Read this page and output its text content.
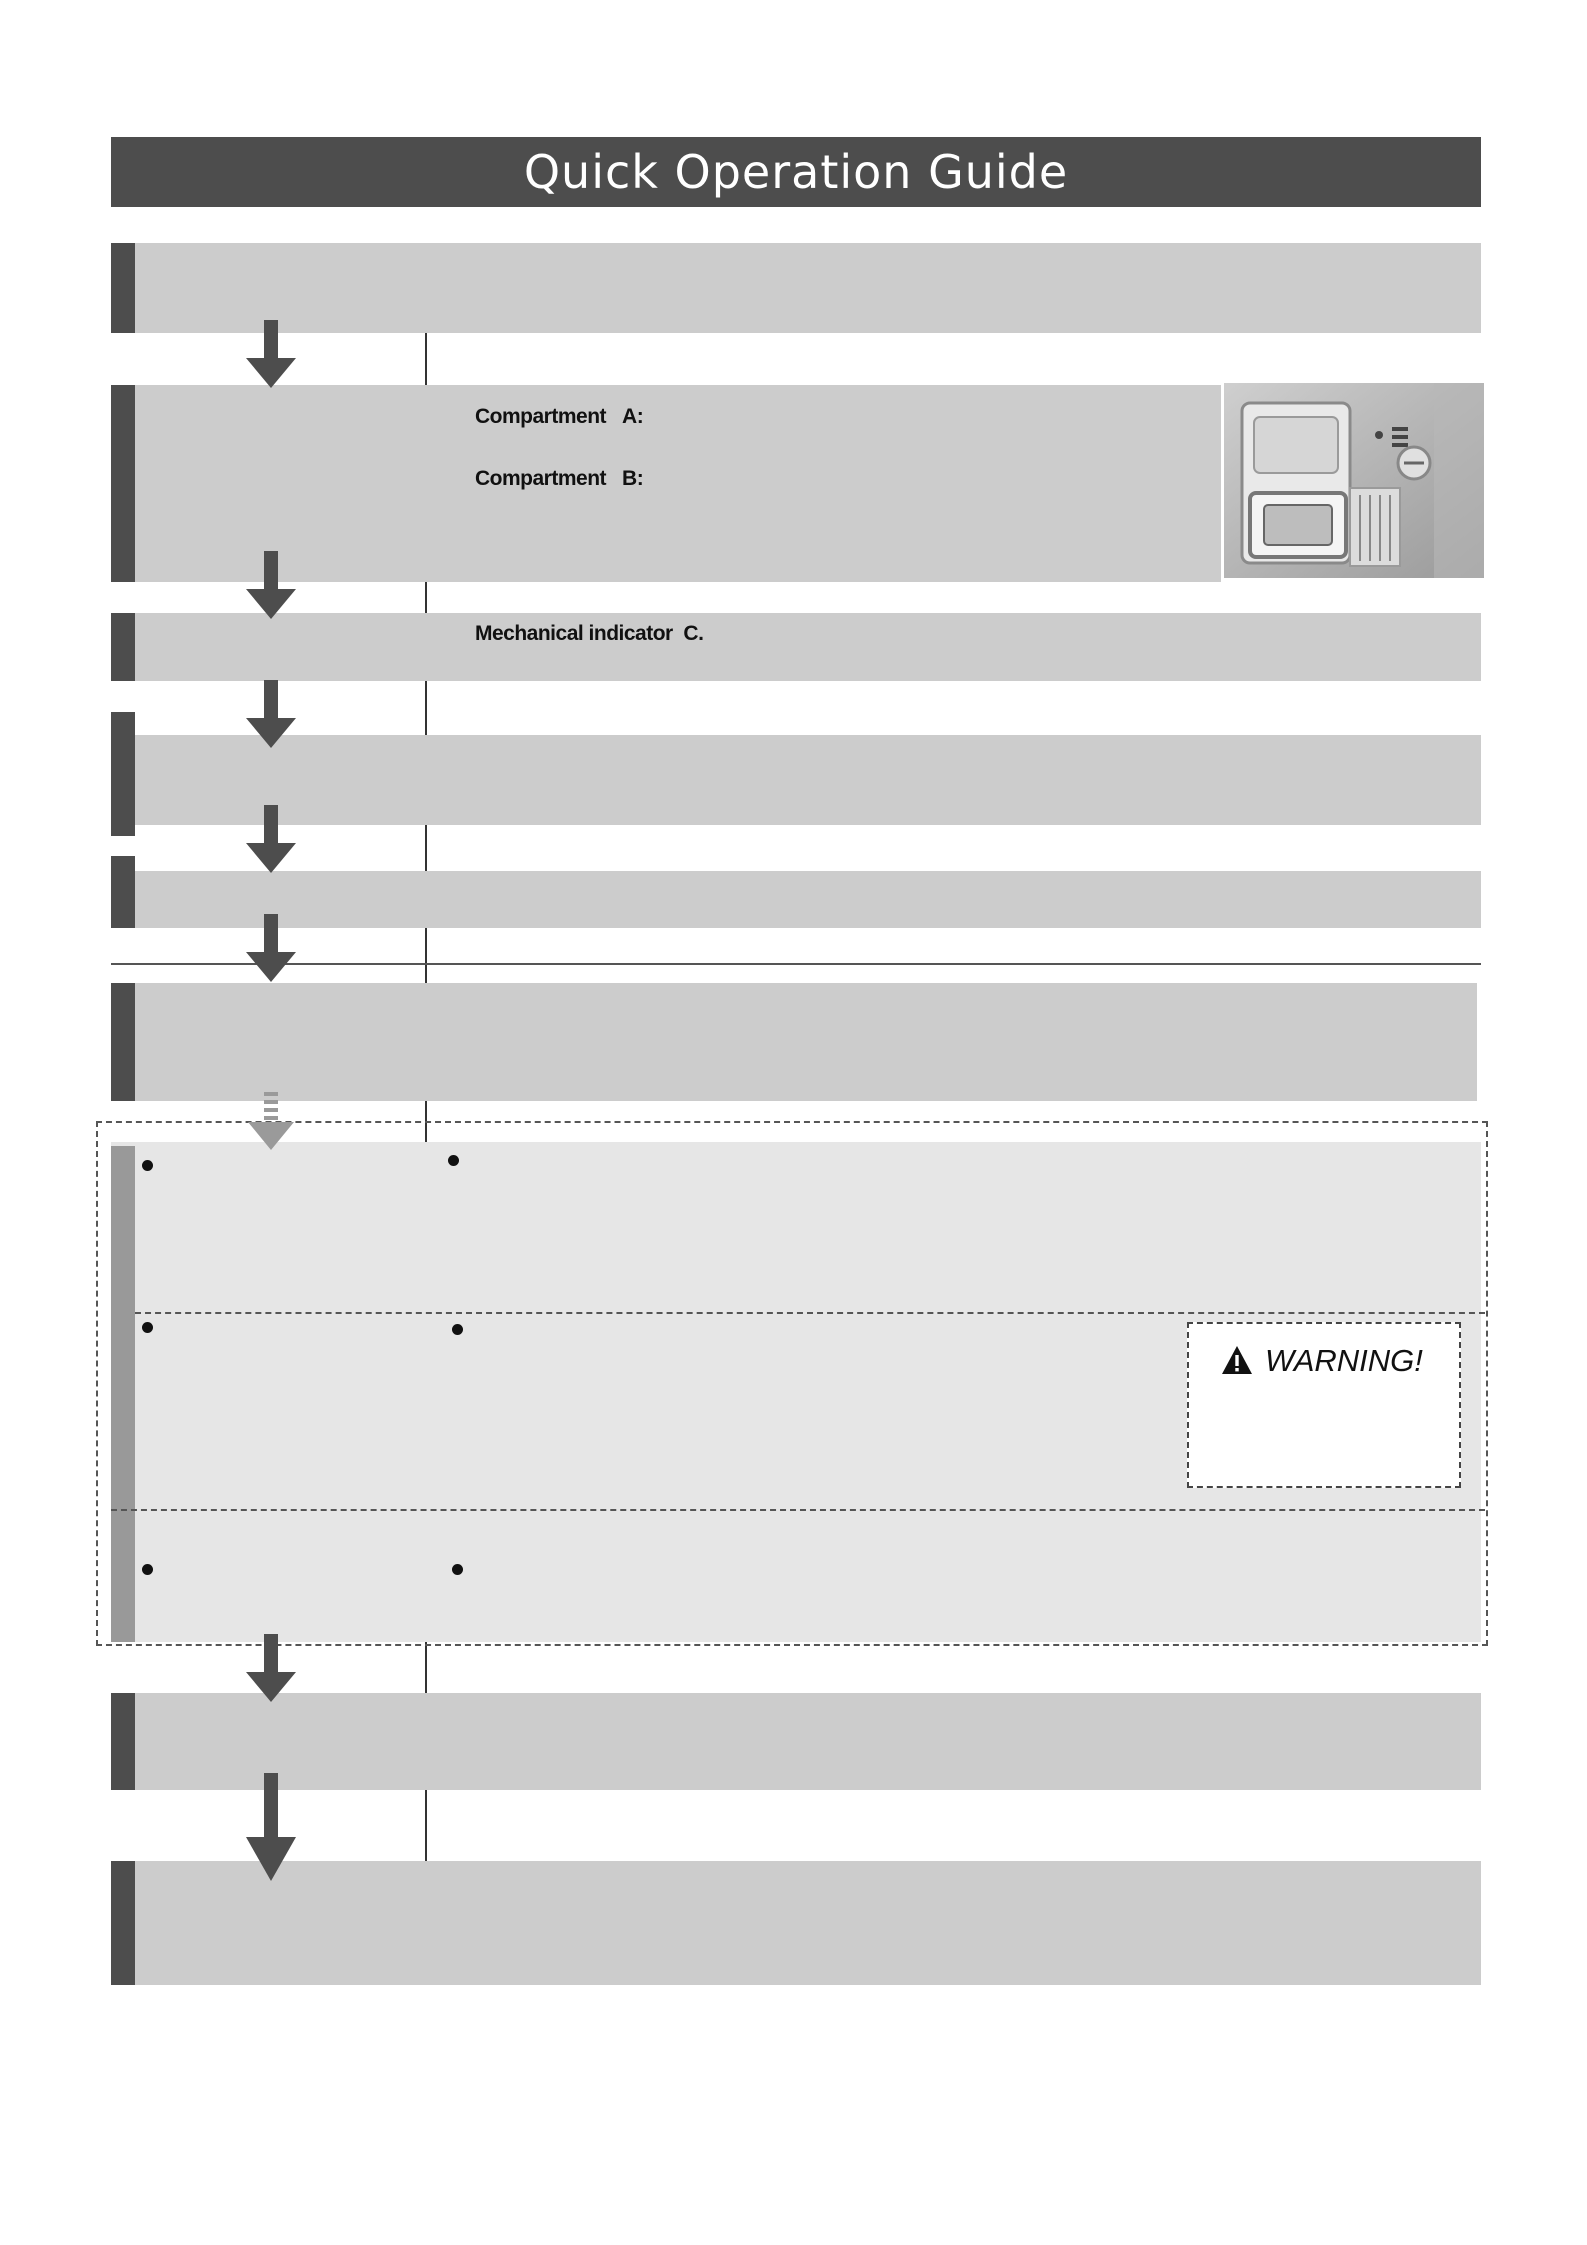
Quick Operation Guide
Compartment A:
Compartment B:
Mechanical indicator C.
WARNING!
